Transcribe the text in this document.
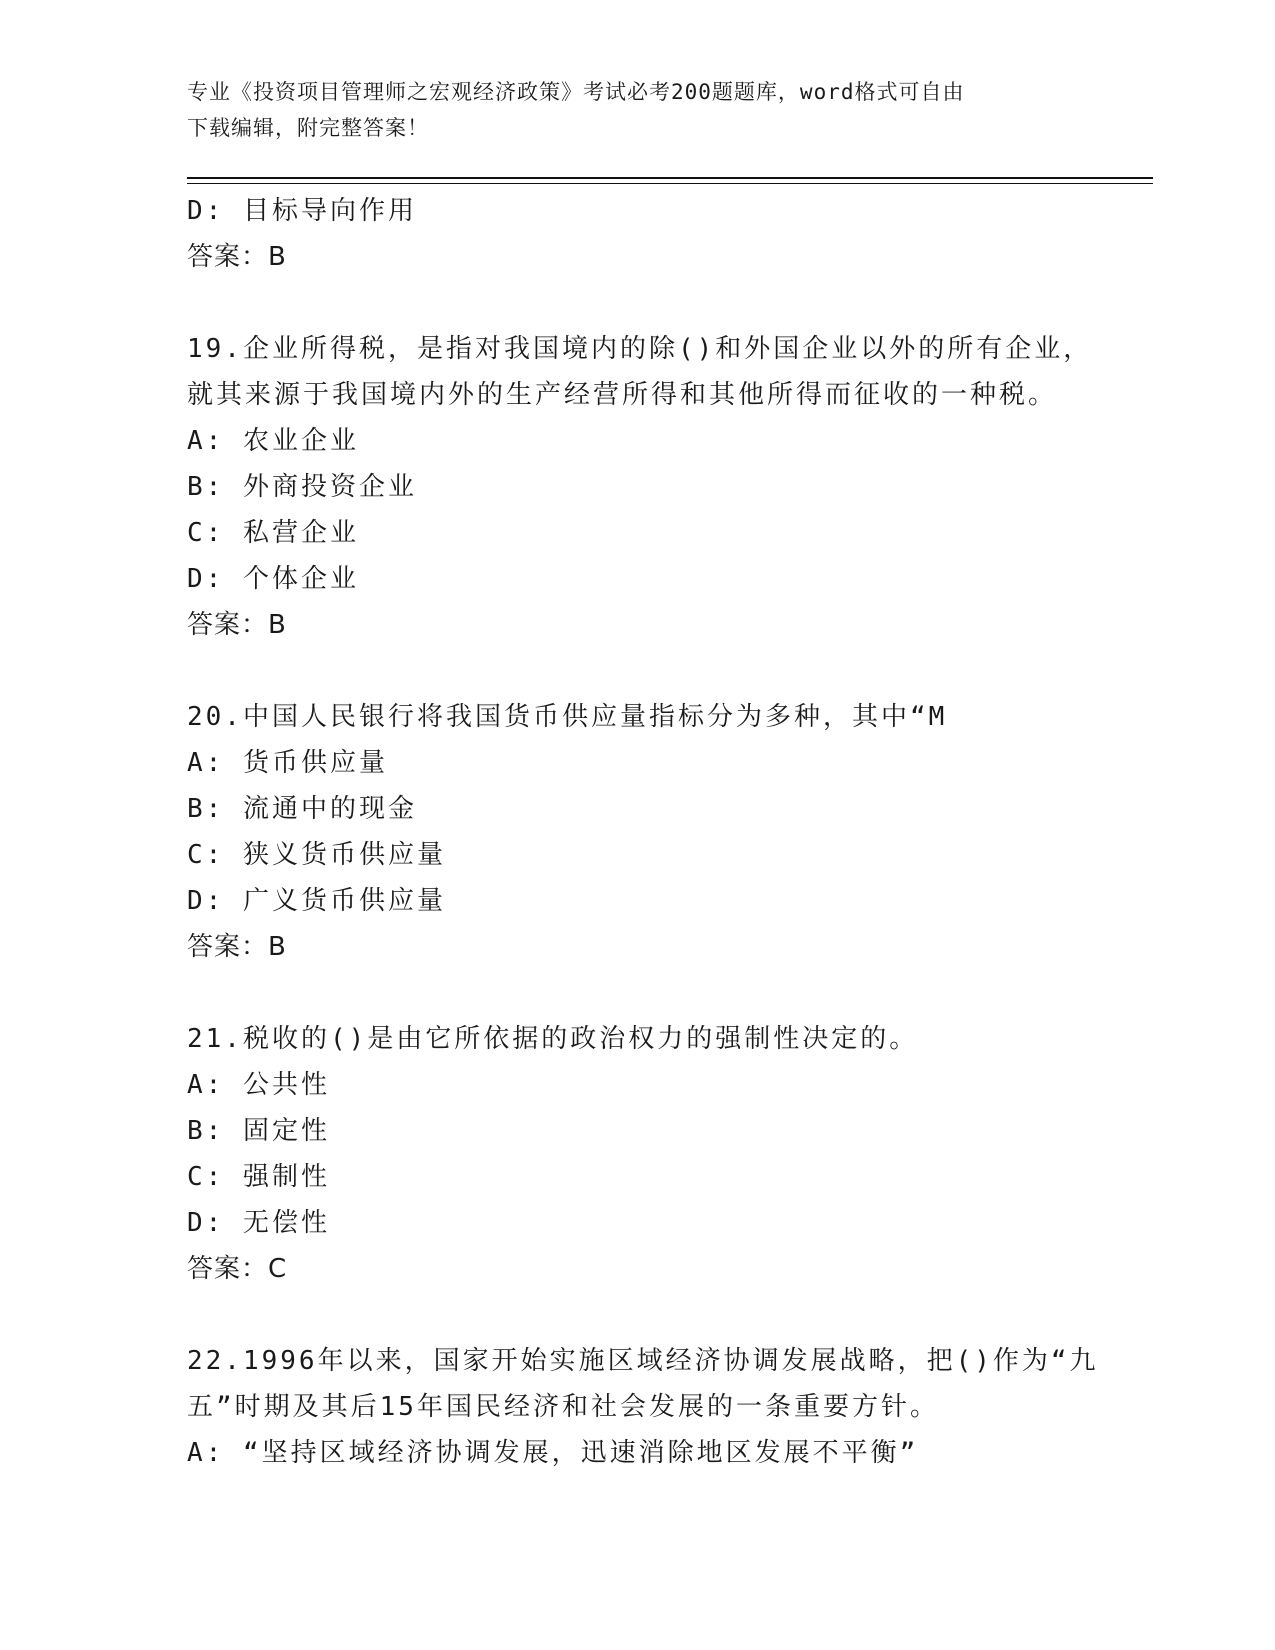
专业《投资项目管理师之宏观经济政策》考试必考200题题库，word格式可自由
下载编辑，附完整答案！
D: 目标导向作用
答案：B
19.企业所得税，是指对我国境内的除()和外国企业以外的所有企业，
就其来源于我国境内外的生产经营所得和其他所得而征收的一种税。
A: 农业企业
B: 外商投资企业
C: 私营企业
D: 个体企业
答案：B
20.中国人民银行将我国货币供应量指标分为多种，其中“M
A: 货币供应量
B: 流通中的现金
C: 狭义货币供应量
D: 广义货币供应量
答案：B
21.税收的()是由它所依据的政治权力的强制性决定的。
A: 公共性
B: 固定性
C: 强制性
D: 无偿性
答案：C
22.1996年以来，国家开始实施区域经济协调发展战略，把()作为“九
五”时期及其后15年国民经济和社会发展的一条重要方针。
A: “坚持区域经济协调发展，迅速消除地区发展不平衡”
